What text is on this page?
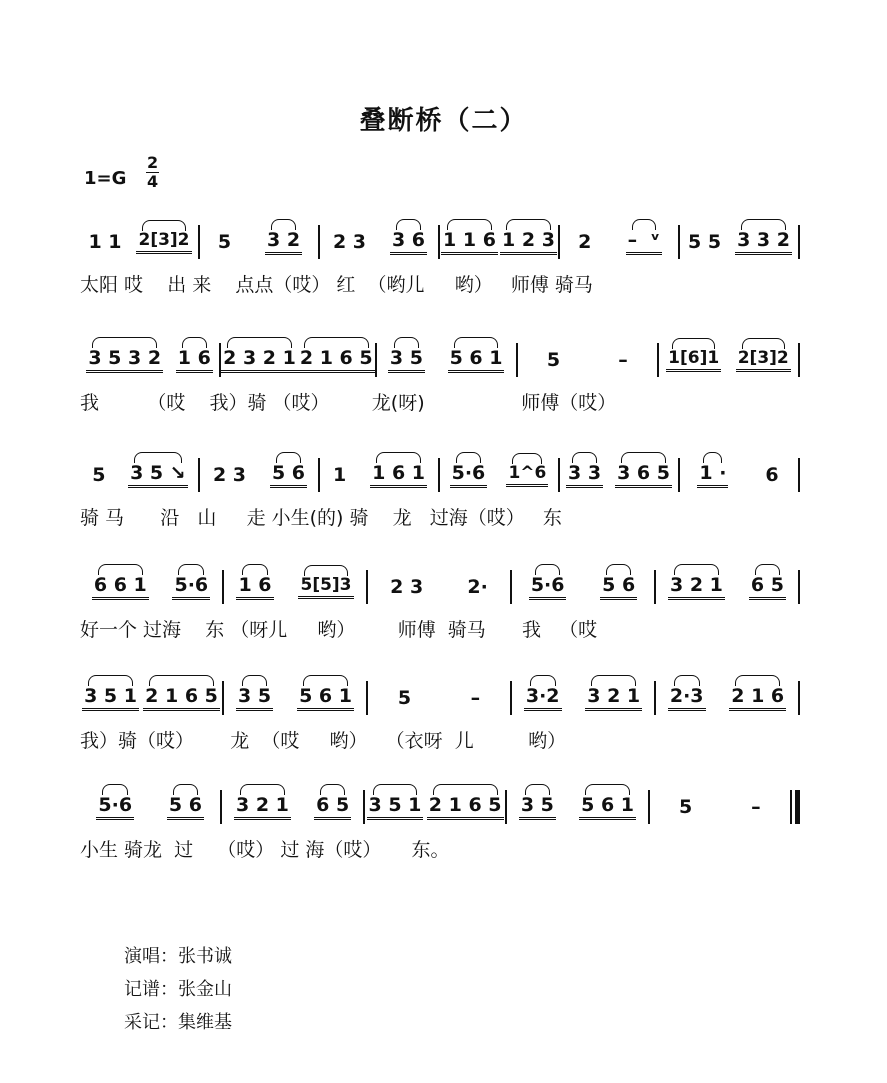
叠断桥（二）
1=G
2
4
1 1 2[3]2 5 3 2 2 3 3 6 1 1 6 1 2 3 2 –  ᵛ 5 5 3 3 2
太阳 哎    出 来    点点（哎） 红  （哟儿     哟）   师傅 骑马
3 5 3 2 1 6 2 3 2 1 2 1 6 5 3 5 5 6 1 5	– 1[6]1 2[3]2
我        （哎    我）骑 （哎）       龙(呀)                师傅（哎）
5 3 5 ↘ 2 3 5 6 1 1 6 1 5·6 1^6 3 3 3 6 5 1 · 6
骑 马      沿   山     走 小生(的) 骑    龙   过海（哎）   东
6 6 1 5·6 1 6 5[5]3 2 3 2· 5·6 5 6 3 2 1 6 5
好一个 过海    东 （呀儿     哟）       师傅  骑马      我   （哎
3 5 1 2 1 6 5 3 5 5 6 1 5	– 3·2 3 2 1 2·3 2 1 6
我）骑（哎）      龙  （哎     哟）   （衣呀  儿         哟）
5·6 5 6 3 2 1 6 5 3 5 1 2 1 6 5 3 5 5 6 1 5	–
小生 骑龙  过    （哎） 过 海（哎）     东。
演唱：张书诚
记谱：张金山
采记：集维基
